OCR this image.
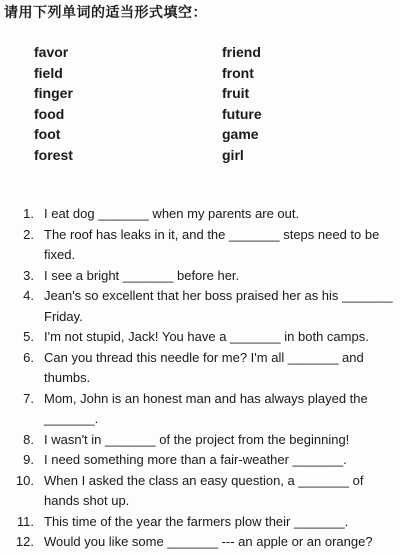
请用下列单词的适当形式填空：
favor
field
finger
food
foot
forest
friend
front
fruit
future
game
girl
1. I eat dog _______ when my parents are out.
2. The roof has leaks in it, and the _______ steps need to be fixed.
3. I see a bright _______ before her.
4. Jean's so excellent that her boss praised her as his _______ Friday.
5. I'm not stupid, Jack! You have a _______ in both camps.
6. Can you thread this needle for me? I'm all _______ and thumbs.
7. Mom, John is an honest man and has always played the _______.
8. I wasn't in _______ of the project from the beginning!
9. I need something more than a fair-weather _______.
10. When I asked the class an easy question, a _______ of hands shot up.
11. This time of the year the farmers plow their _______.
12. Would you like some _______ --- an apple or an orange?
